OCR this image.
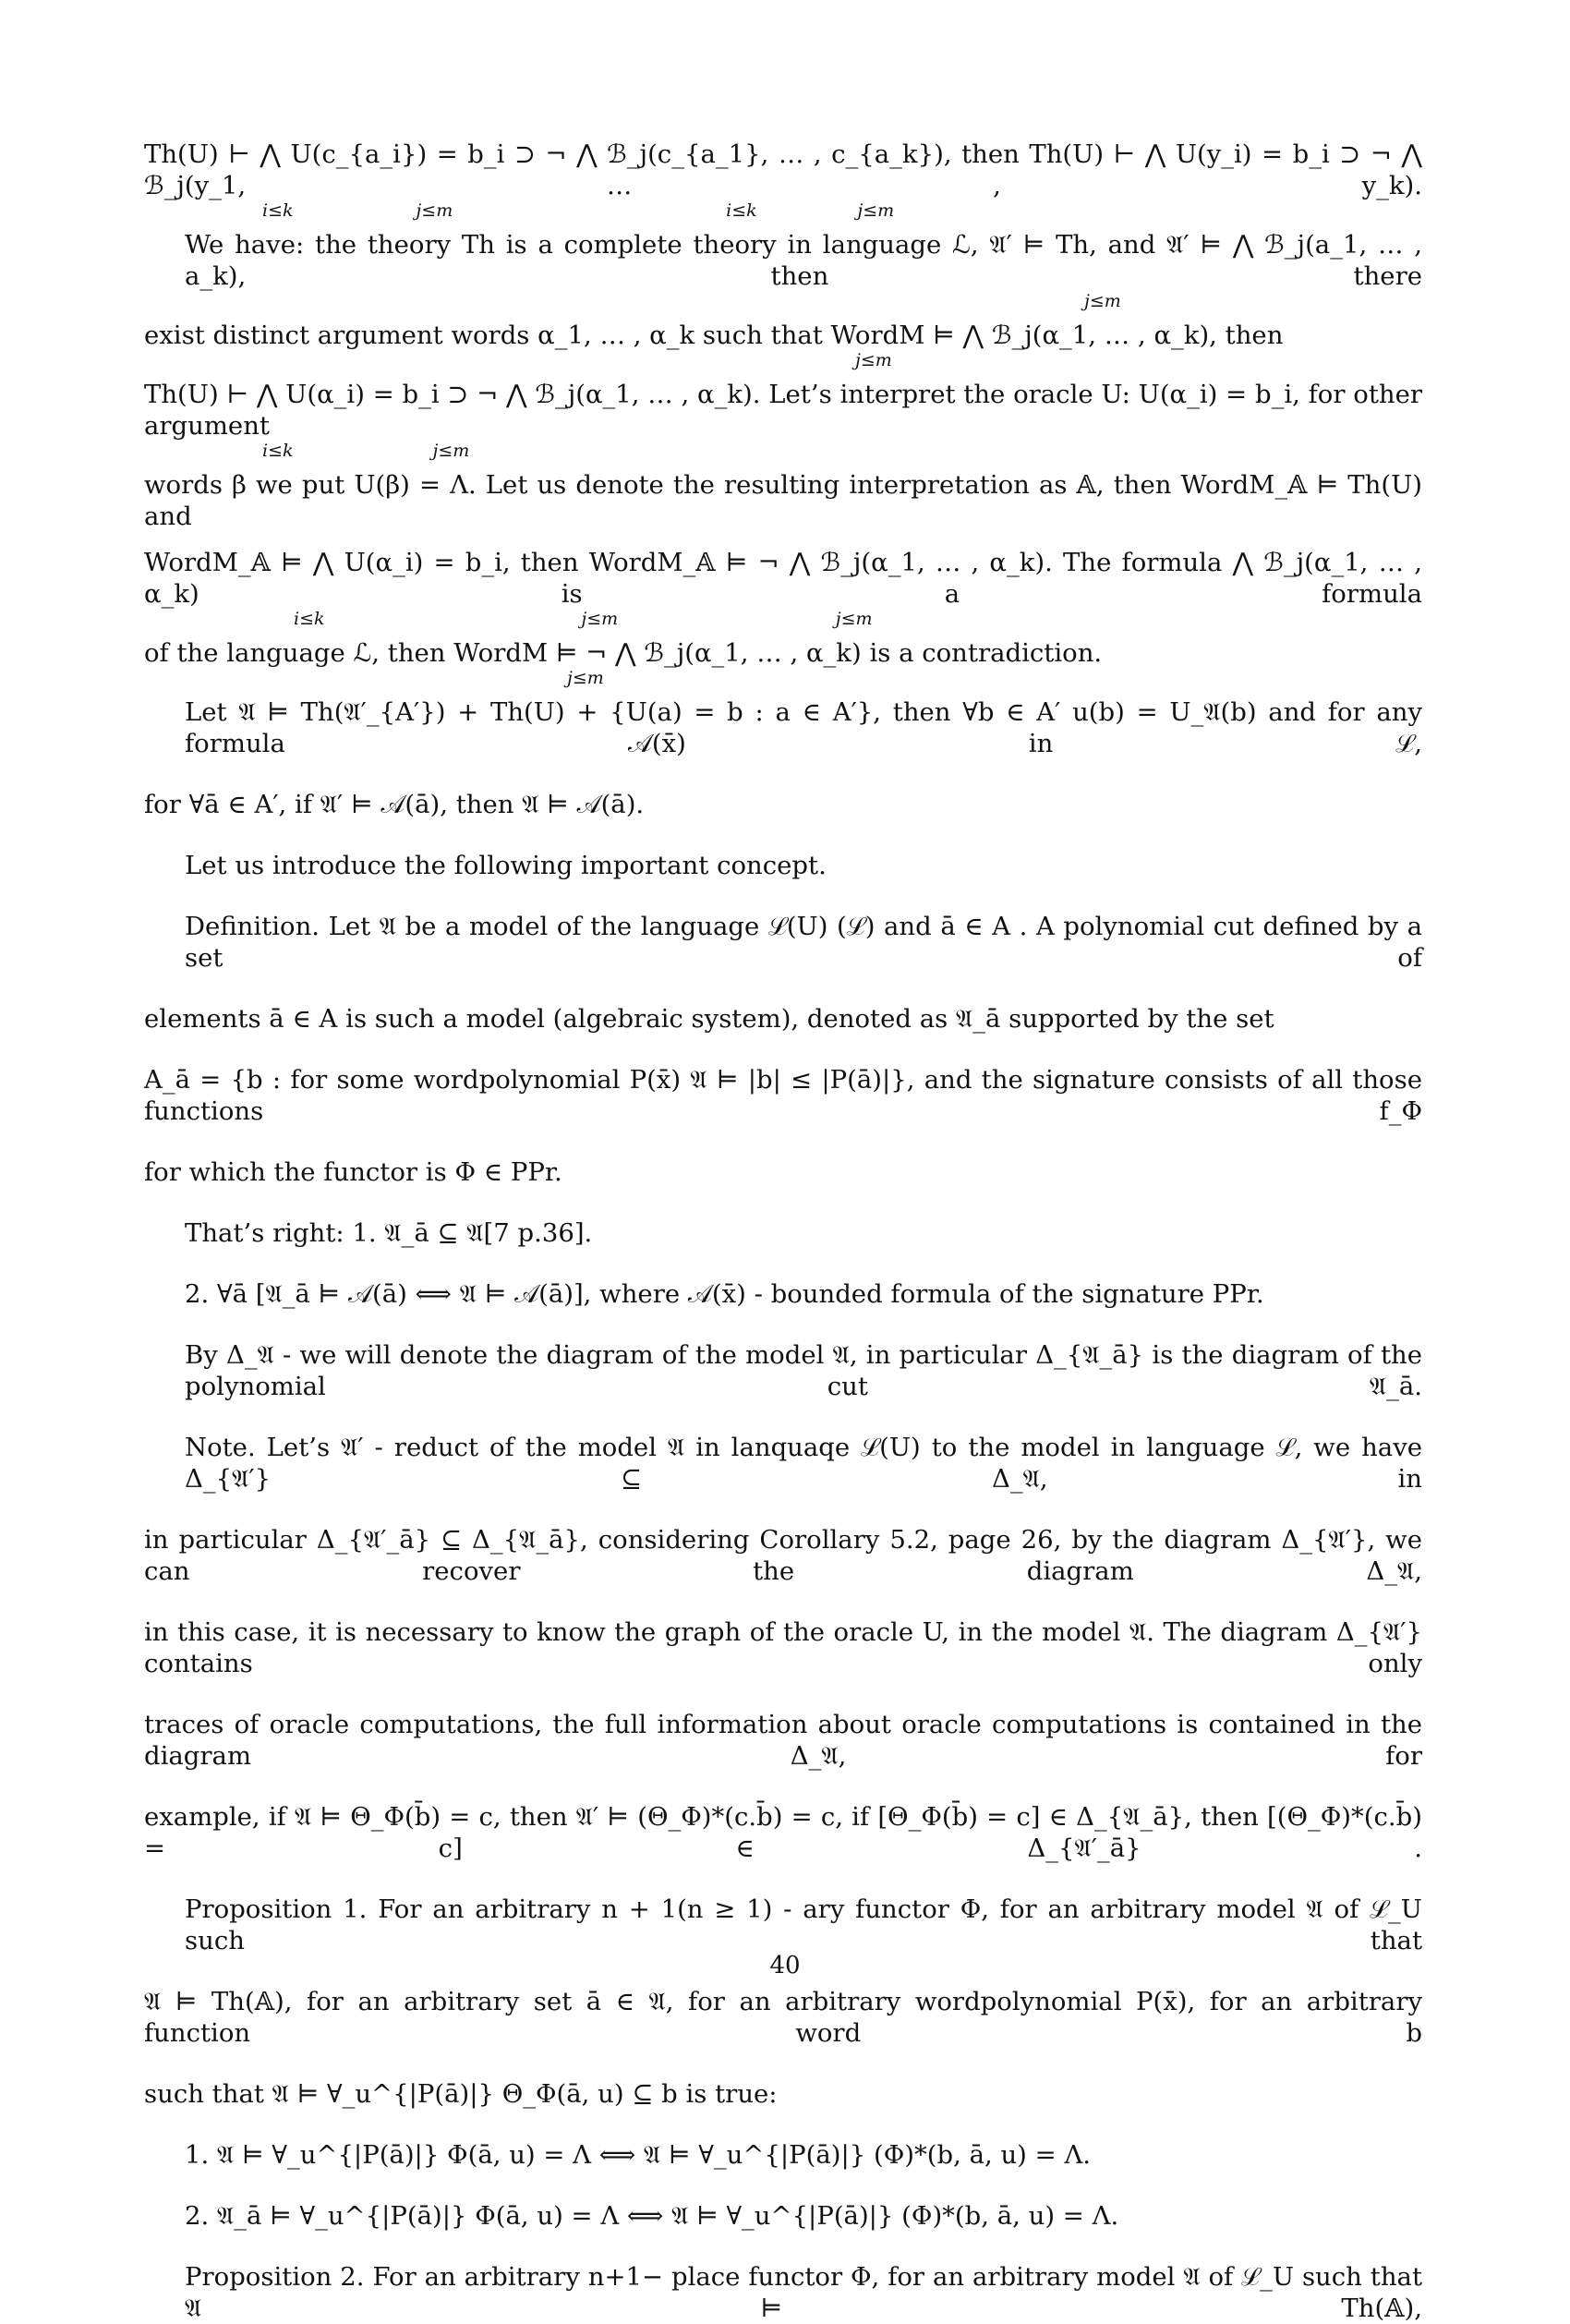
Th(U) ⊢ ⋀ U(c_{a_i}) = b_i ⊃ ¬ ⋀ ℬ_j(c_{a_1}, … , c_{a_k}), then Th(U) ⊢ ⋀ U(y_i) = b_i ⊃ ¬ ⋀ ℬ_j(y_1, … , y_k).
i≤k                      j≤m                                                 i≤k                  j≤m
We have: the theory Th is a complete theory in language ℒ, 𝔄′ ⊨ Th, and 𝔄′ ⊨ ⋀ ℬ_j(a_1, … , a_k), then there
j≤m
exist distinct argument words α_1, … , α_k such that WordM ⊨ ⋀ ℬ_j(α_1, … , α_k), then
j≤m
Th(U) ⊢ ⋀ U(α_i) = b_i ⊃ ¬ ⋀ ℬ_j(α_1, … , α_k). Let’s interpret the oracle U: U(α_i) = b_i, for other argument
i≤k                         j≤m
words β we put U(β) = Λ. Let us denote the resulting interpretation as 𝔸, then WordM_𝔸 ⊨ Th(U) and
WordM_𝔸 ⊨ ⋀ U(α_i) = b_i, then WordM_𝔸 ⊨ ¬ ⋀ ℬ_j(α_1, … , α_k). The formula ⋀ ℬ_j(α_1, … , α_k) is a formula
i≤k                                              j≤m                                       j≤m
of the language ℒ, then WordM ⊨ ¬ ⋀ ℬ_j(α_1, … , α_k) is a contradiction.
j≤m
Let 𝔄 ⊨ Th(𝔄′_{A′}) + Th(U) + {U(a) = b : a ∈ A′}, then ∀b ∈ A′ u(b) = U_𝔄(b) and for any formula 𝒜(x̄) in ℒ,
for ∀ā ∈ A′, if 𝔄′ ⊨ 𝒜(ā), then 𝔄 ⊨ 𝒜(ā).
Let us introduce the following important concept.
Definition. Let 𝔄 be a model of the language ℒ(U) (ℒ) and ā ∈ A . A polynomial cut defined by a set of
elements ā ∈ A is such a model (algebraic system), denoted as 𝔄_ā supported by the set
A_ā = {b : for some wordpolynomial P(x̄) 𝔄 ⊨ |b| ≤ |P(ā)|}, and the signature consists of all those functions f_Φ
for which the functor is Φ ∈ PPr.
That’s right: 1. 𝔄_ā ⊆ 𝔄[7 p.36].
2. ∀ā [𝔄_ā ⊨ 𝒜(ā) ⟺ 𝔄 ⊨ 𝒜(ā)], where 𝒜(x̄) - bounded formula of the signature PPr.
By Δ_𝔄 - we will denote the diagram of the model 𝔄, in particular Δ_{𝔄_ā} is the diagram of the polynomial cut 𝔄_ā.
Note. Let’s 𝔄′ - reduct of the model 𝔄 in lanquaqe ℒ(U) to the model in language ℒ, we have Δ_{𝔄′} ⊆ Δ_𝔄, in
in particular Δ_{𝔄′_ā} ⊆ Δ_{𝔄_ā}, considering Corollary 5.2, page 26, by the diagram Δ_{𝔄′}, we can recover the diagram Δ_𝔄,
in this case, it is necessary to know the graph of the oracle U, in the model 𝔄. The diagram Δ_{𝔄′} contains only
traces of oracle computations, the full information about oracle computations is contained in the diagram Δ_𝔄, for
example, if 𝔄 ⊨ Θ_Φ(b̄) = c, then 𝔄′ ⊨ (Θ_Φ)*(c.b̄) = c, if [Θ_Φ(b̄) = c] ∈ Δ_{𝔄_ā}, then [(Θ_Φ)*(c.b̄) = c] ∈ Δ_{𝔄′_ā} .
Proposition 1. For an arbitrary n + 1(n ≥ 1) - ary functor Φ, for an arbitrary model 𝔄 of ℒ_U such that
𝔄 ⊨ Th(𝔸), for an arbitrary set ā ∈ 𝔄, for an arbitrary wordpolynomial P(x̄), for an arbitrary function word b
such that 𝔄 ⊨ ∀_u^{|P(ā)|} Θ_Φ(ā, u) ⊆ b is true:
1. 𝔄 ⊨ ∀_u^{|P(ā)|} Φ(ā, u) = Λ ⟺ 𝔄 ⊨ ∀_u^{|P(ā)|} (Φ)*(b, ā, u) = Λ.
2. 𝔄_ā ⊨ ∀_u^{|P(ā)|} Φ(ā, u) = Λ ⟺ 𝔄 ⊨ ∀_u^{|P(ā)|} (Φ)*(b, ā, u) = Λ.
Proposition 2. For an arbitrary n+1− place functor Φ, for an arbitrary model 𝔄 of ℒ_U such that 𝔄 ⊨ Th(𝔸),
40
